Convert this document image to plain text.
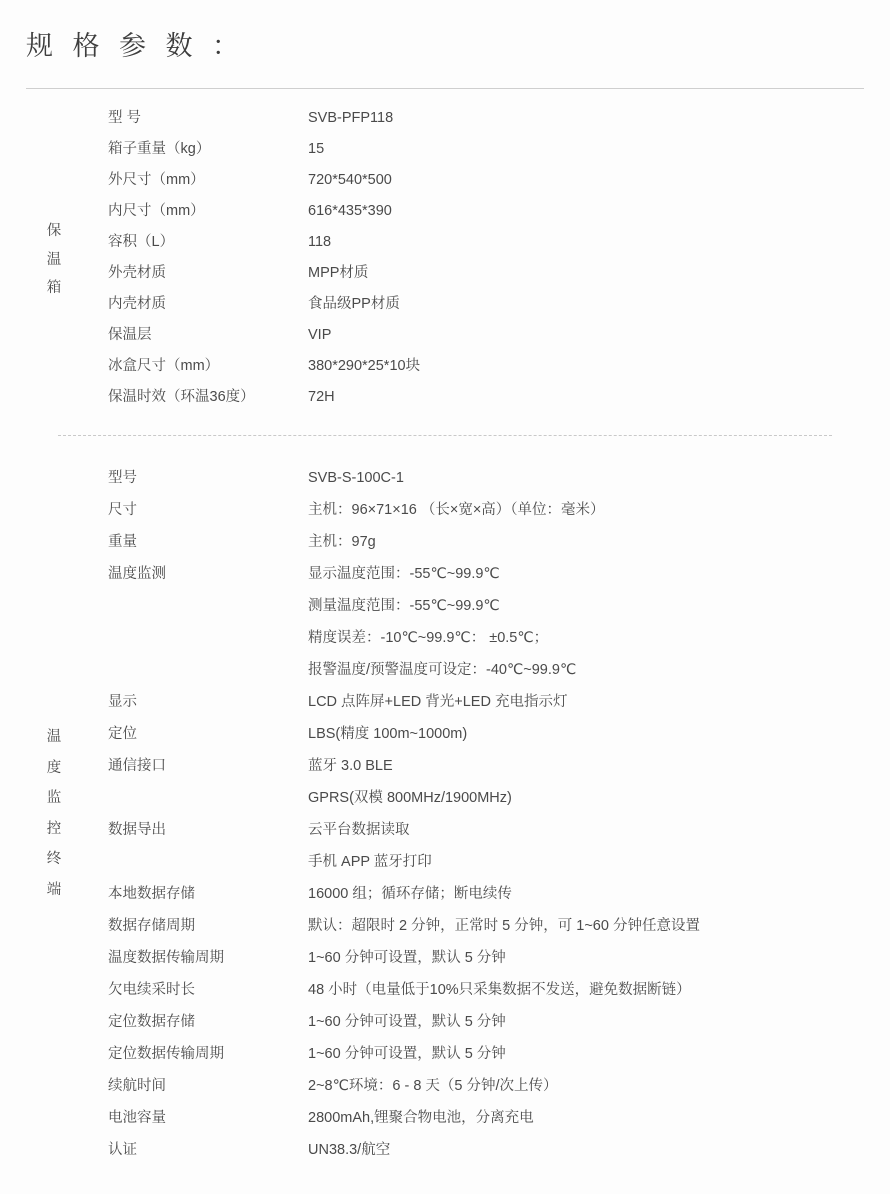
规 格 参 数 ：
保温箱
型 号	SVB-PFP118
箱子重量（kg）	15
外尺寸（mm）	720*540*500
内尺寸（mm）	616*435*390
容积（L）	118
外壳材质	MPP材质
内壳材质	食品级PP材质
保温层	VIP
冰盒尺寸（mm）	380*290*25*10块
保温时效（环温36度）	72H
温度监控终端
型号	SVB-S-100C-1
尺寸	主机：96×71×16 （长×宽×高）（单位：毫米）
重量	主机：97g
温度监测	显示温度范围：-55℃~99.9℃
测量温度范围：-55℃~99.9℃
精度误差：-10℃~99.9℃： ±0.5℃；
报警温度/预警温度可设定：-40℃~99.9℃
显示	LCD 点阵屏+LED 背光+LED 充电指示灯
定位	LBS(精度 100m~1000m)
通信接口	蓝牙 3.0 BLE
GPRS(双模 800MHz/1900MHz)
数据导出	云平台数据读取
手机 APP 蓝牙打印
本地数据存储	16000 组；循环存储；断电续传
数据存储周期	默认：超限时 2 分钟，正常时 5 分钟，可 1~60 分钟任意设置
温度数据传输周期	1~60 分钟可设置，默认 5 分钟
欠电续采时长	48 小时（电量低于10%只采集数据不发送，避免数据断链）
定位数据存储	1~60 分钟可设置，默认 5 分钟
定位数据传输周期	1~60 分钟可设置，默认 5 分钟
续航时间	2~8℃环境：6 - 8 天（5 分钟/次上传）
电池容量	2800mAh,锂聚合物电池，分离充电
认证	UN38.3/航空
